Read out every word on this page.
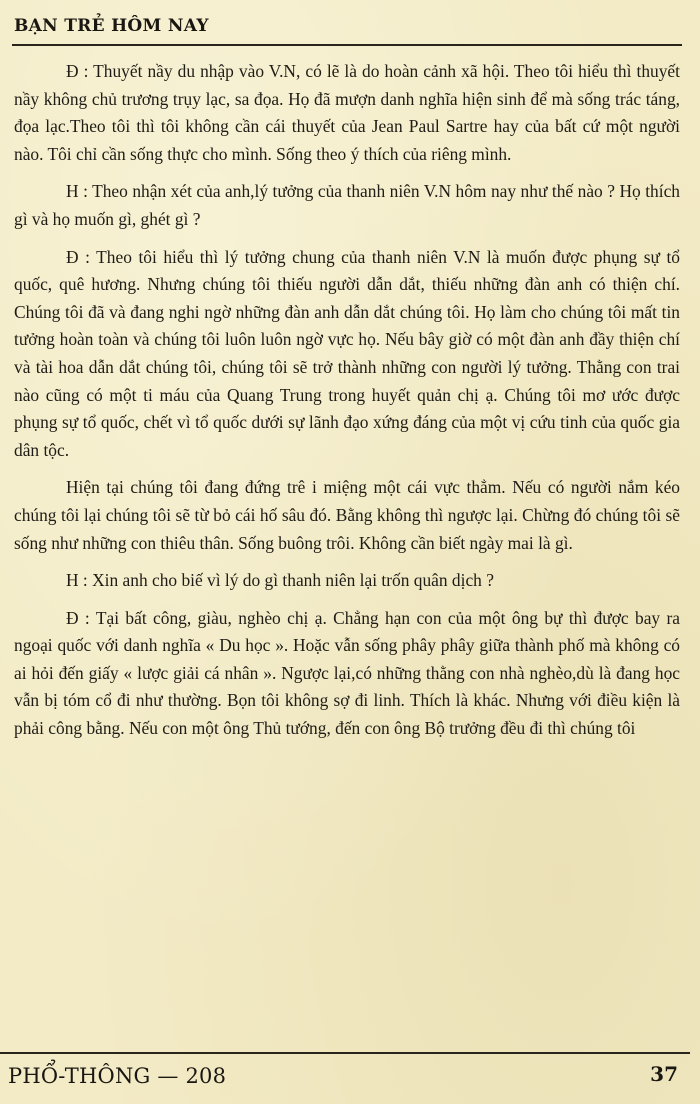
BẠN TRẺ HÔM NAY

Đ : Thuyết nầy du nhập vào V.N, có lẽ là do hoàn cảnh xã hội. Theo tôi hiểu thì thuyết nầy không chủ trương trụy lạc, sa đọa. Họ đã mượn danh nghĩa hiện sinh để mà sống trác táng, đọa lạc.Theo tôi thì tôi không cần cái thuyết của Jean Paul Sartre hay của bất cứ một người nào. Tôi chỉ cần sống thực cho mình. Sống theo ý thích của riêng mình.

H : Theo nhận xét của anh,lý tưởng của thanh niên V.N hôm nay như thế nào ? Họ thích gì và họ muốn gì, ghét gì ?

Đ : Theo tôi hiểu thì lý tưởng chung của thanh niên V.N là muốn được phụng sự tổ quốc, quê hương. Nhưng chúng tôi thiếu người dẫn dắt, thiếu những đàn anh có thiện chí. Chúng tôi đã và đang nghi ngờ những đàn anh dẫn dắt chúng tôi. Họ làm cho chúng tôi mất tin tưởng hoàn toàn và chúng tôi luôn luôn ngờ vực họ. Nếu bây giờ có một đàn anh đầy thiện chí và tài hoa dẫn dắt chúng tôi, chúng tôi sẽ trở thành những con người lý tưởng. Thằng con trai nào cũng có một ti máu của Quang Trung trong huyết quản chị ạ. Chúng tôi mơ ước được phụng sự tổ quốc, chết vì tổ quốc dưới sự lãnh đạo xứng đáng của một vị cứu tinh của quốc gia dân tộc.

Hiện tại chúng tôi đang đứng trê i miệng một cái vực thẳm. Nếu có người nắm kéo chúng tôi lại chúng tôi sẽ từ bỏ cái hố sâu đó. Bằng không thì ngược lại. Chừng đó chúng tôi sẽ sống như những con thiêu thân. Sống buông trôi. Không cần biết ngày mai là gì.

H : Xin anh cho biế vì lý do gì thanh niên lại trốn quân dịch ?

Đ : Tại bất công, giàu, nghèo chị ạ. Chẳng hạn con của một ông bự thì được bay ra ngoại quốc với danh nghĩa « Du học ». Hoặc vẫn sống phây phây giữa thành phố mà không có ai hỏi đến giấy « lược giải cá nhân ». Ngược lại,có những thằng con nhà nghèo,dù là đang học vẫn bị tóm cổ đi như thường. Bọn tôi không sợ đi linh. Thích là khác. Nhưng với điều kiện là phải công bằng. Nếu con một ông Thủ tướng, đến con ông Bộ trưởng đều đi thì chúng tôi

PHỔ-THÔNG — 208	37
